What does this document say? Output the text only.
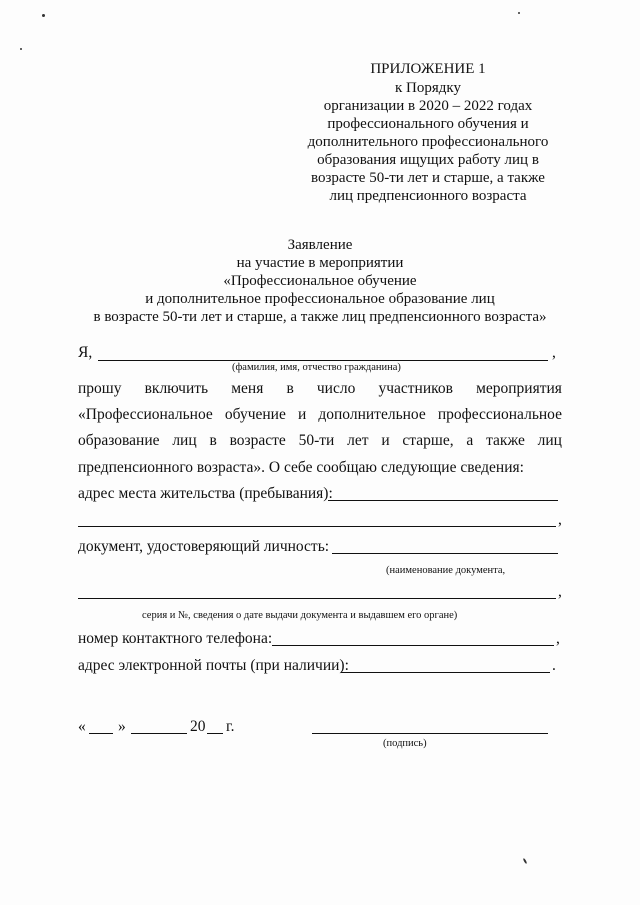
ПРИЛОЖЕНИЕ 1
к Порядку
организации в 2020 – 2022 годах
профессионального обучения и
дополнительного профессионального
образования ищущих работу лиц в
возрасте 50-ти лет и старше, а также
лиц предпенсионного возраста
Заявление
на участие в мероприятии
«Профессиональное обучение
и дополнительное профессиональное образование лиц
в возрасте 50-ти лет и старше, а также лиц предпенсионного возраста»
Я,	,
(фамилия, имя, отчество гражданина)
прошу включить меня в число участников мероприятия
«Профессиональное обучение и дополнительное профессиональное
образование лиц в возрасте 50-ти лет и старше, а также лиц
предпенсионного возраста». О себе сообщаю следующие сведения:
адрес места жительства (пребывания):
,
документ, удостоверяющий личность:
(наименование документа,
,
серия и №, сведения о дате выдачи документа и выдавшем его органе)
номер контактного телефона:	,
адрес электронной почты (при наличии):	.
« »	20 г.
(подпись)
